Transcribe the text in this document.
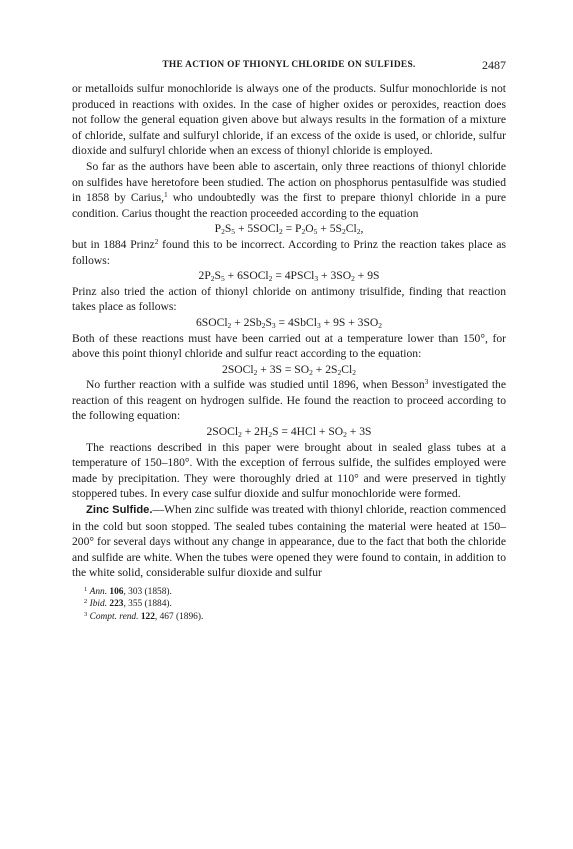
THE ACTION OF THIONYL CHLORIDE ON SULFIDES.	2487

or metalloids sulfur monochloride is always one of the products. Sulfur monochloride is not produced in reactions with oxides. In the case of higher oxides or peroxides, reaction does not follow the general equation given above but always results in the formation of a mixture of chloride, sulfate and sulfuryl chloride, if an excess of the oxide is used, or chloride, sulfur dioxide and sulfuryl chloride when an excess of thionyl chloride is employed.

So far as the authors have been able to ascertain, only three reactions of thionyl chloride on sulfides have heretofore been studied. The action on phosphorus pentasulfide was studied in 1858 by Carius,$^1$ who undoubtedly was the first to prepare thionyl chloride in a pure condition. Carius thought the reaction proceeded according to the equation

$P_2S_5$ + 5SOCl$_2$ = $P_2O_5 + 5S_2Cl_2$,

but in 1884 Prinz$^2$ found this to be incorrect. According to Prinz the reaction takes place as follows:

$2P_2S_5$ + 6SOCl$_2$ = 4PSCl$_3$ + $3SO_2 + 9S$

Prinz also tried the action of thionyl chloride on antimony trisulfide, finding that reaction takes place as follows:

6SOCl$_2$ + $2Sb_2S_3$ = 4SbCl$_3$ + $9S + 3SO_2$

Both of these reactions must have been carried out at a temperature lower than 150°, for above this point thionyl chloride and sulfur react according to the equation:

2SOCl$_2$ + $3S = SO_2 + 2S_2Cl_2$

No further reaction with a sulfide was studied until 1896, when Besson$^3$ investigated the reaction of this reagent on hydrogen sulfide. He found the reaction to proceed according to the following equation:

2SOCl$_2$ + $2H_2S = 4HCl + SO_2 + 3S$

The reactions described in this paper were brought about in sealed glass tubes at a temperature of 150–180°. With the exception of ferrous sulfide, the sulfides employed were made by precipitation. They were thoroughly dried at 110° and were preserved in tightly stoppered tubes. In every case sulfur dioxide and sulfur monochloride were formed.

Zinc Sulfide.—When zinc sulfide was treated with thionyl chloride, reaction commenced in the cold but soon stopped. The sealed tubes containing the material were heated at 150–200° for several days without any change in appearance, due to the fact that both the chloride and sulfide are white. When the tubes were opened they were found to contain, in addition to the white solid, considerable sulfur dioxide and sulfur

$^1$ Ann. 106, 303 (1858).

$^2$ Ibid. 223, 355 (1884).

$^3$ Compt. rend. 122, 467 (1896).
